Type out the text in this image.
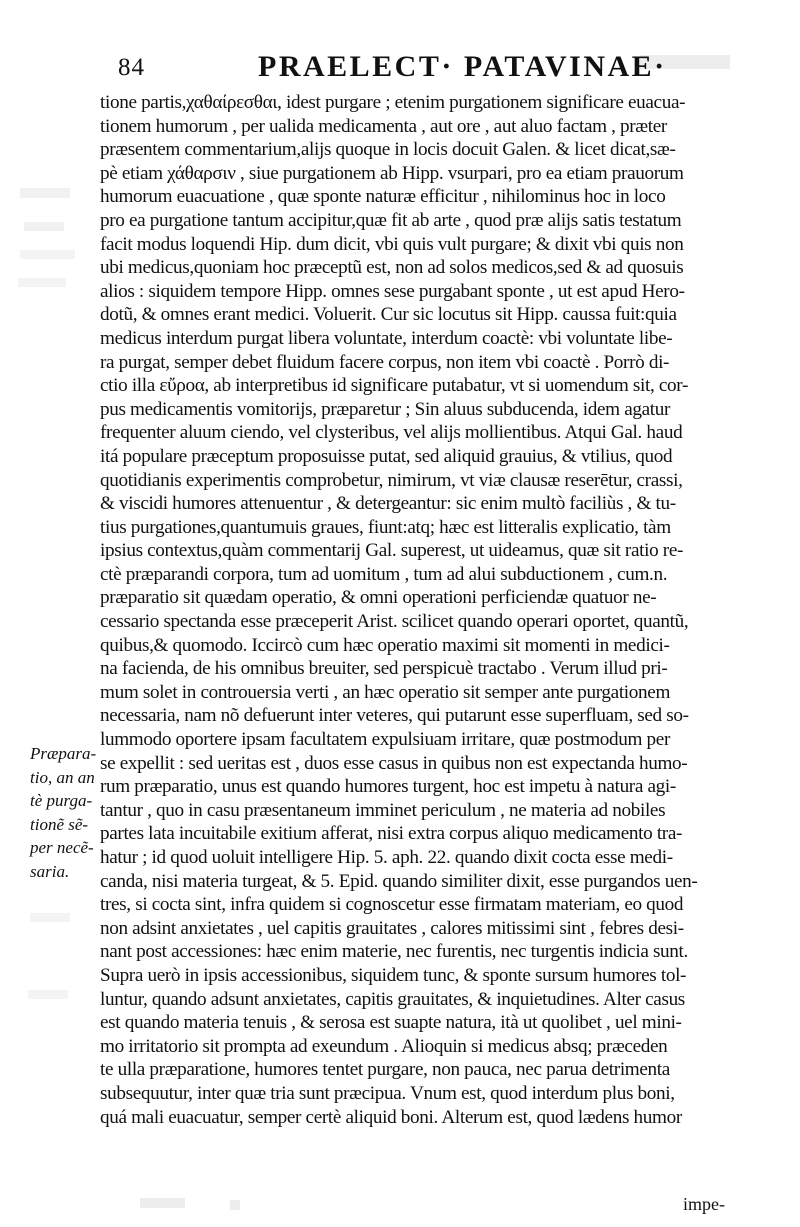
84	PRAELECT· PATAVINAE·
tione partis,χαθαίρεσθαι, idest purgare ; etenim purgationem significare euacua-
tionem humorum , per ualida medicamenta , aut ore , aut aluo factam , præter
præsentem commentarium,alijs quoque in locis docuit Galen. & licet dicat,sæ-
pè etiam χάθαρσιν , siue purgationem ab Hipp. vsurpari, pro ea etiam prauorum
humorum euacuatione , quæ sponte naturæ efficitur , nihilominus hoc in loco
pro ea purgatione tantum accipitur,quæ fit ab arte , quod præ alijs satis testatum
facit modus loquendi Hip. dum dicit, vbi quis vult purgare; & dixit vbi quis non
ubi medicus,quoniam hoc præceptũ est, non ad solos medicos,sed & ad quosuis
alios : siquidem tempore Hipp. omnes sese purgabant sponte , ut est apud Hero-
dotũ, & omnes erant medici. Voluerit. Cur sic locutus sit Hipp. caussa fuit:quia
medicus interdum purgat libera voluntate, interdum coactè: vbi voluntate libe-
ra purgat, semper debet fluidum facere corpus, non item vbi coactè . Porrò di-
ctio illa εὔροα, ab interpretibus id significare putabatur, vt si uomendum sit, cor-
pus medicamentis vomitorijs, præparetur ; Sin aluus subducenda, idem agatur
frequenter aluum ciendo, vel clysteribus, vel alijs mollientibus. Atqui Gal. haud
itá populare præceptum proposuisse putat, sed aliquid grauius, & vtilius, quod
quotidianis experimentis comprobetur, nimirum, vt viæ clausæ reserētur, crassi,
& viscidi humores attenuentur , & detergeantur: sic enim multò faciliùs , & tu-
tius purgationes,quantumuis graues, fiunt:atq; hæc est litteralis explicatio, tàm
ipsius contextus,quàm commentarij Gal. superest, ut uideamus, quæ sit ratio re-
ctè præparandi corpora, tum ad uomitum , tum ad alui subductionem , cum.n.
præparatio sit quædam operatio, & omni operationi perficiendæ quatuor ne-
cessario spectanda esse præceperit Arist. scilicet quando operari oportet, quantũ,
quibus,& quomodo. Iccircò cum hæc operatio maximi sit momenti in medici-
na facienda, de his omnibus breuiter, sed perspicuè tractabo . Verum illud pri-
mum solet in controuersia verti , an hæc operatio sit semper ante purgationem
necessaria, nam nõ defuerunt inter veteres, qui putarunt esse superfluam, sed so-
lummodo oportere ipsam facultatem expulsiuam irritare, quæ postmodum per
se expellit : sed ueritas est , duos esse casus in quibus non est expectanda humo-
rum præparatio, unus est quando humores turgent, hoc est impetu à natura agi-
tantur , quo in casu præsentaneum imminet periculum , ne materia ad nobiles
partes lata incuitabile exitium afferat, nisi extra corpus aliquo medicamento tra-
hatur ; id quod uoluit intelligere Hip. 5. aph. 22. quando dixit cocta esse medi-
canda, nisi materia turgeat, & 5. Epid. quando similiter dixit, esse purgandos uen-
tres, si cocta sint, infra quidem si cognoscetur esse firmatam materiam, eo quod
non adsint anxietates , uel capitis grauitates , calores mitissimi sint , febres desi-
nant post accessiones: hæc enim materie, nec furentis, nec turgentis indicia sunt.
Supra uerò in ipsis accessionibus, siquidem tunc, & sponte sursum humores tol-
luntur, quando adsunt anxietates, capitis grauitates, & inquietudines. Alter casus
est quando materia tenuis , & serosa est suapte natura, ità ut quolibet , uel mini-
mo irritatorio sit prompta ad exeundum . Alioquin si medicus absq; præceden
te ulla præparatione, humores tentet purgare, non pauca, nec parua detrimenta
subsequutur, inter quæ tria sunt præcipua. Vnum est, quod interdum plus boni,
quá mali euacuatur, semper certè aliquid boni. Alterum est, quod lædens humor
Præpara-
tio, an an
tè purga-
tionẽ sẽ-
per necẽ-
saria.
impe-
